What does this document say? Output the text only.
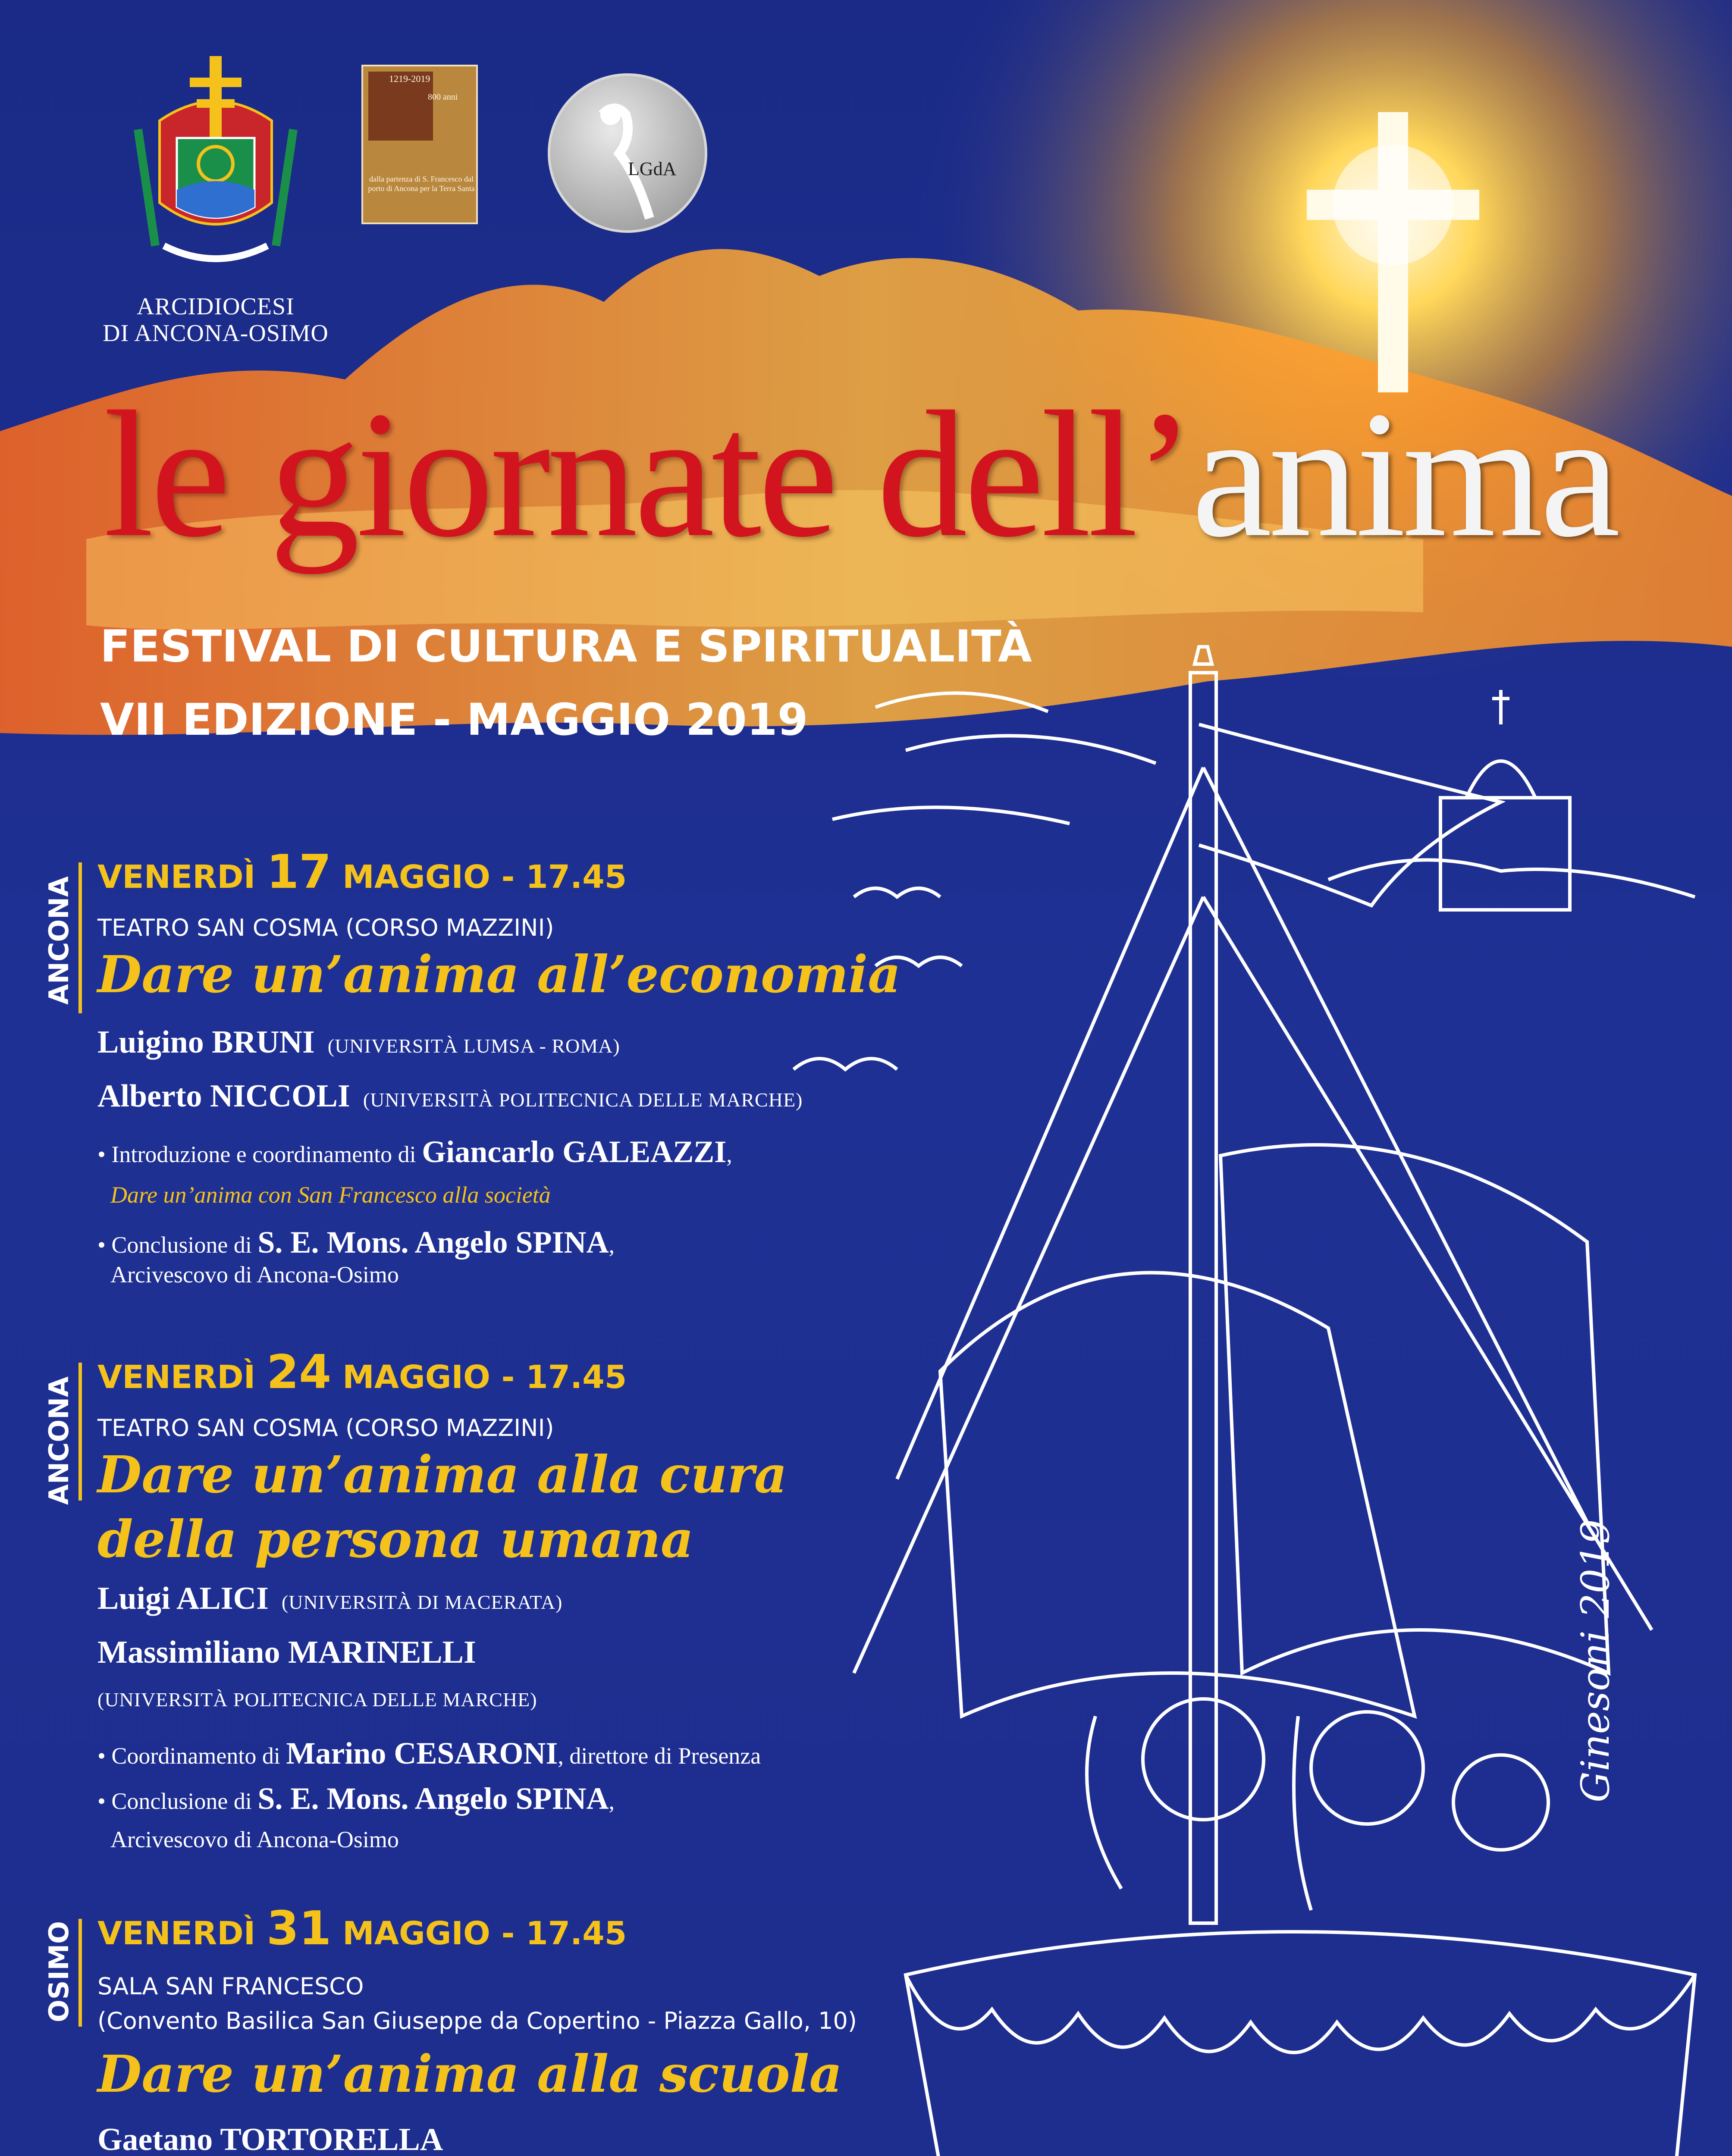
ARCIDIOCESI
DI ANCONA-OSIMO
1219-2019
800 anni
dalla partenza di S. Francesco dal porto di Ancona per la Terra Santa
LGdA
le giornate dell’anima
FESTIVAL DI CULTURA E SPIRITUALITÀ
VII EDIZIONE - MAGGIO 2019
Ginesoni 2019
ANCONA VENERDÌ 17 MAGGIO - 17.45
TEATRO SAN COSMA (CORSO MAZZINI)
Dare un’anima all’economia
Luigino BRUNI (UNIVERSITÀ LUMSA - ROMA)
Alberto NICCOLI (UNIVERSITÀ POLITECNICA DELLE MARCHE)
• Introduzione e coordinamento di Giancarlo GALEAZZI,
Dare un’anima con San Francesco alla società
• Conclusione di S. E. Mons. Angelo SPINA,
Arcivescovo di Ancona-Osimo
ANCONA VENERDÌ 24 MAGGIO - 17.45
TEATRO SAN COSMA (CORSO MAZZINI)
Dare un’anima alla cura
della persona umana
Luigi ALICI (UNIVERSITÀ DI MACERATA)
Massimiliano MARINELLI
(UNIVERSITÀ POLITECNICA DELLE MARCHE)
• Coordinamento di Marino CESARONI, direttore di Presenza
• Conclusione di S. E. Mons. Angelo SPINA,
Arcivescovo di Ancona-Osimo
OSIMO VENERDÌ 31 MAGGIO - 17.45
SALA SAN FRANCESCO
(Convento Basilica San Giuseppe da Copertino - Piazza Gallo, 10)
Dare un’anima alla scuola
Gaetano TORTORELLA
